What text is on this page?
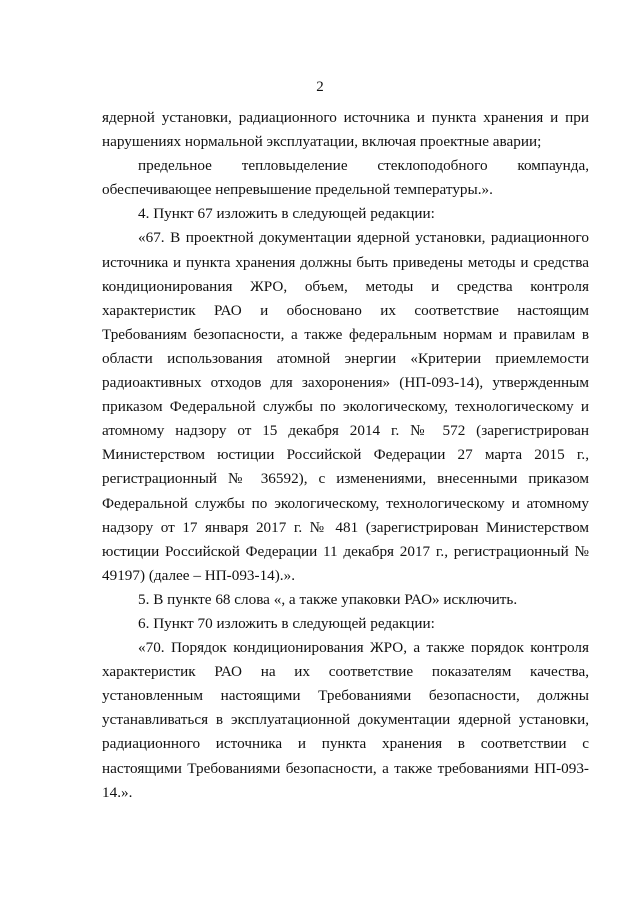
2

ядерной установки, радиационного источника и пункта хранения и при нарушениях нормальной эксплуатации, включая проектные аварии;

предельное тепловыделение стеклоподобного компаунда, обеспечивающее непревышение предельной температуры.».

4. Пункт 67 изложить в следующей редакции:

«67. В проектной документации ядерной установки, радиационного источника и пункта хранения должны быть приведены методы и средства кондиционирования ЖРО, объем, методы и средства контроля характеристик РАО и обосновано их соответствие настоящим Требованиям безопасности, а также федеральным нормам и правилам в области использования атомной энергии «Критерии приемлемости радиоактивных отходов для захоронения» (НП-093-14), утвержденным приказом Федеральной службы по экологическому, технологическому и атомному надзору от 15 декабря 2014 г. № 572 (зарегистрирован Министерством юстиции Российской Федерации 27 марта 2015 г., регистрационный № 36592), с изменениями, внесенными приказом Федеральной службы по экологическому, технологическому и атомному надзору от 17 января 2017 г. № 481 (зарегистрирован Министерством юстиции Российской Федерации 11 декабря 2017 г., регистрационный № 49197) (далее – НП-093-14).».

5. В пункте 68 слова «, а также упаковки РАО» исключить.

6. Пункт 70 изложить в следующей редакции:

«70. Порядок кондиционирования ЖРО, а также порядок контроля характеристик РАО на их соответствие показателям качества, установленным настоящими Требованиями безопасности, должны устанавливаться в эксплуатационной документации ядерной установки, радиационного источника и пункта хранения в соответствии с настоящими Требованиями безопасности, а также требованиями НП-093-14.».
